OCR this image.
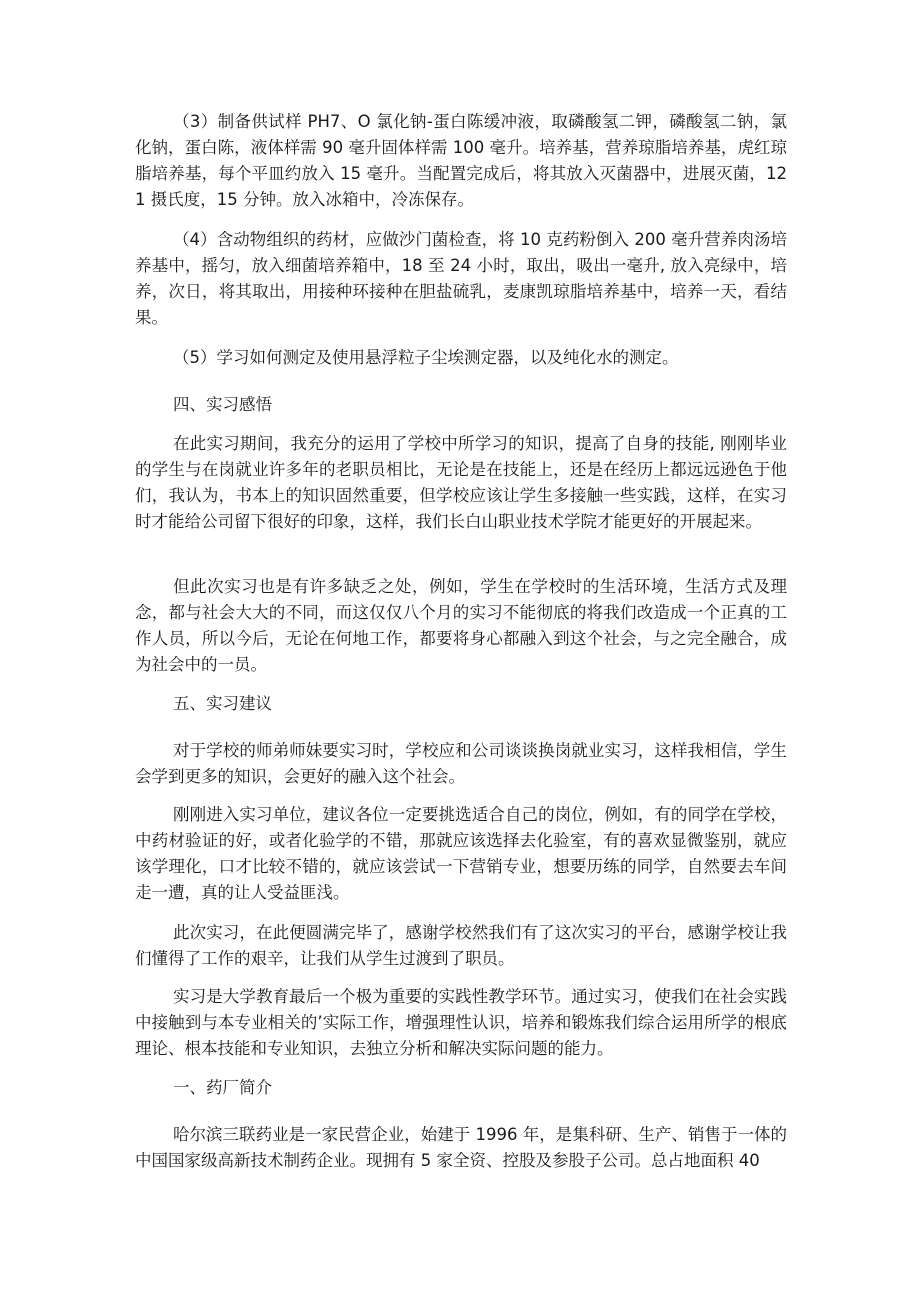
（3）制备供试样 PH7、O 氯化钠-蛋白陈缓冲液，取磷酸氢二钾，磷酸氢二钠，氯化钠，蛋白陈，液体样需 90 毫升固体样需 100 毫升。培养基，营养琼脂培养基，虎红琼脂培养基，每个平皿约放入 15 毫升。当配置完成后，将其放入灭菌器中，进展灭菌，121 摄氏度，15 分钟。放入冰箱中，冷冻保存。

（4）含动物组织的药材，应做沙门菌检查，将 10 克药粉倒入 200 毫升营养肉汤培养基中，摇匀，放入细菌培养箱中，18 至 24 小时，取出，吸出一毫升, 放入亮绿中，培养，次日，将其取出，用接种环接种在胆盐硫乳，麦康凯琼脂培养基中，培养一天，看结果。

（5）学习如何测定及使用悬浮粒子尘埃测定器，以及纯化水的测定。

四、实习感悟

在此实习期间，我充分的运用了学校中所学习的知识，提高了自身的技能, 刚刚毕业的学生与在岗就业许多年的老职员相比，无论是在技能上，还是在经历上都远远逊色于他们，我认为，书本上的知识固然重要，但学校应该让学生多接触一些实践，这样，在实习时才能给公司留下很好的印象，这样，我们长白山职业技术学院才能更好的开展起来。

但此次实习也是有许多缺乏之处，例如，学生在学校时的生活环境，生活方式及理念，都与社会大大的不同，而这仅仅八个月的实习不能彻底的将我们改造成一个正真的工作人员，所以今后，无论在何地工作，都要将身心都融入到这个社会，与之完全融合，成为社会中的一员。

五、实习建议

对于学校的师弟师妹要实习时，学校应和公司谈谈换岗就业实习，这样我相信，学生会学到更多的知识，会更好的融入这个社会。

刚刚进入实习单位，建议各位一定要挑选适合自己的岗位，例如，有的同学在学校，中药材验证的好，或者化验学的不错，那就应该选择去化验室，有的喜欢显微鉴别，就应该学理化，口才比较不错的，就应该尝试一下营销专业，想要历练的同学，自然要去车间走一遭，真的让人受益匪浅。

此次实习，在此便圆满完毕了，感谢学校然我们有了这次实习的平台，感谢学校让我们懂得了工作的艰辛，让我们从学生过渡到了职员。

实习是大学教育最后一个极为重要的实践性教学环节。通过实习，使我们在社会实践中接触到与本专业相关的’实际工作，增强理性认识，培养和锻炼我们综合运用所学的根底理论、根本技能和专业知识，去独立分析和解决实际问题的能力。

一、药厂简介

哈尔滨三联药业是一家民营企业，始建于 1996 年，是集科研、生产、销售于一体的中国国家级高新技术制药企业。现拥有 5 家全资、控股及参股子公司。总占地面积 40
